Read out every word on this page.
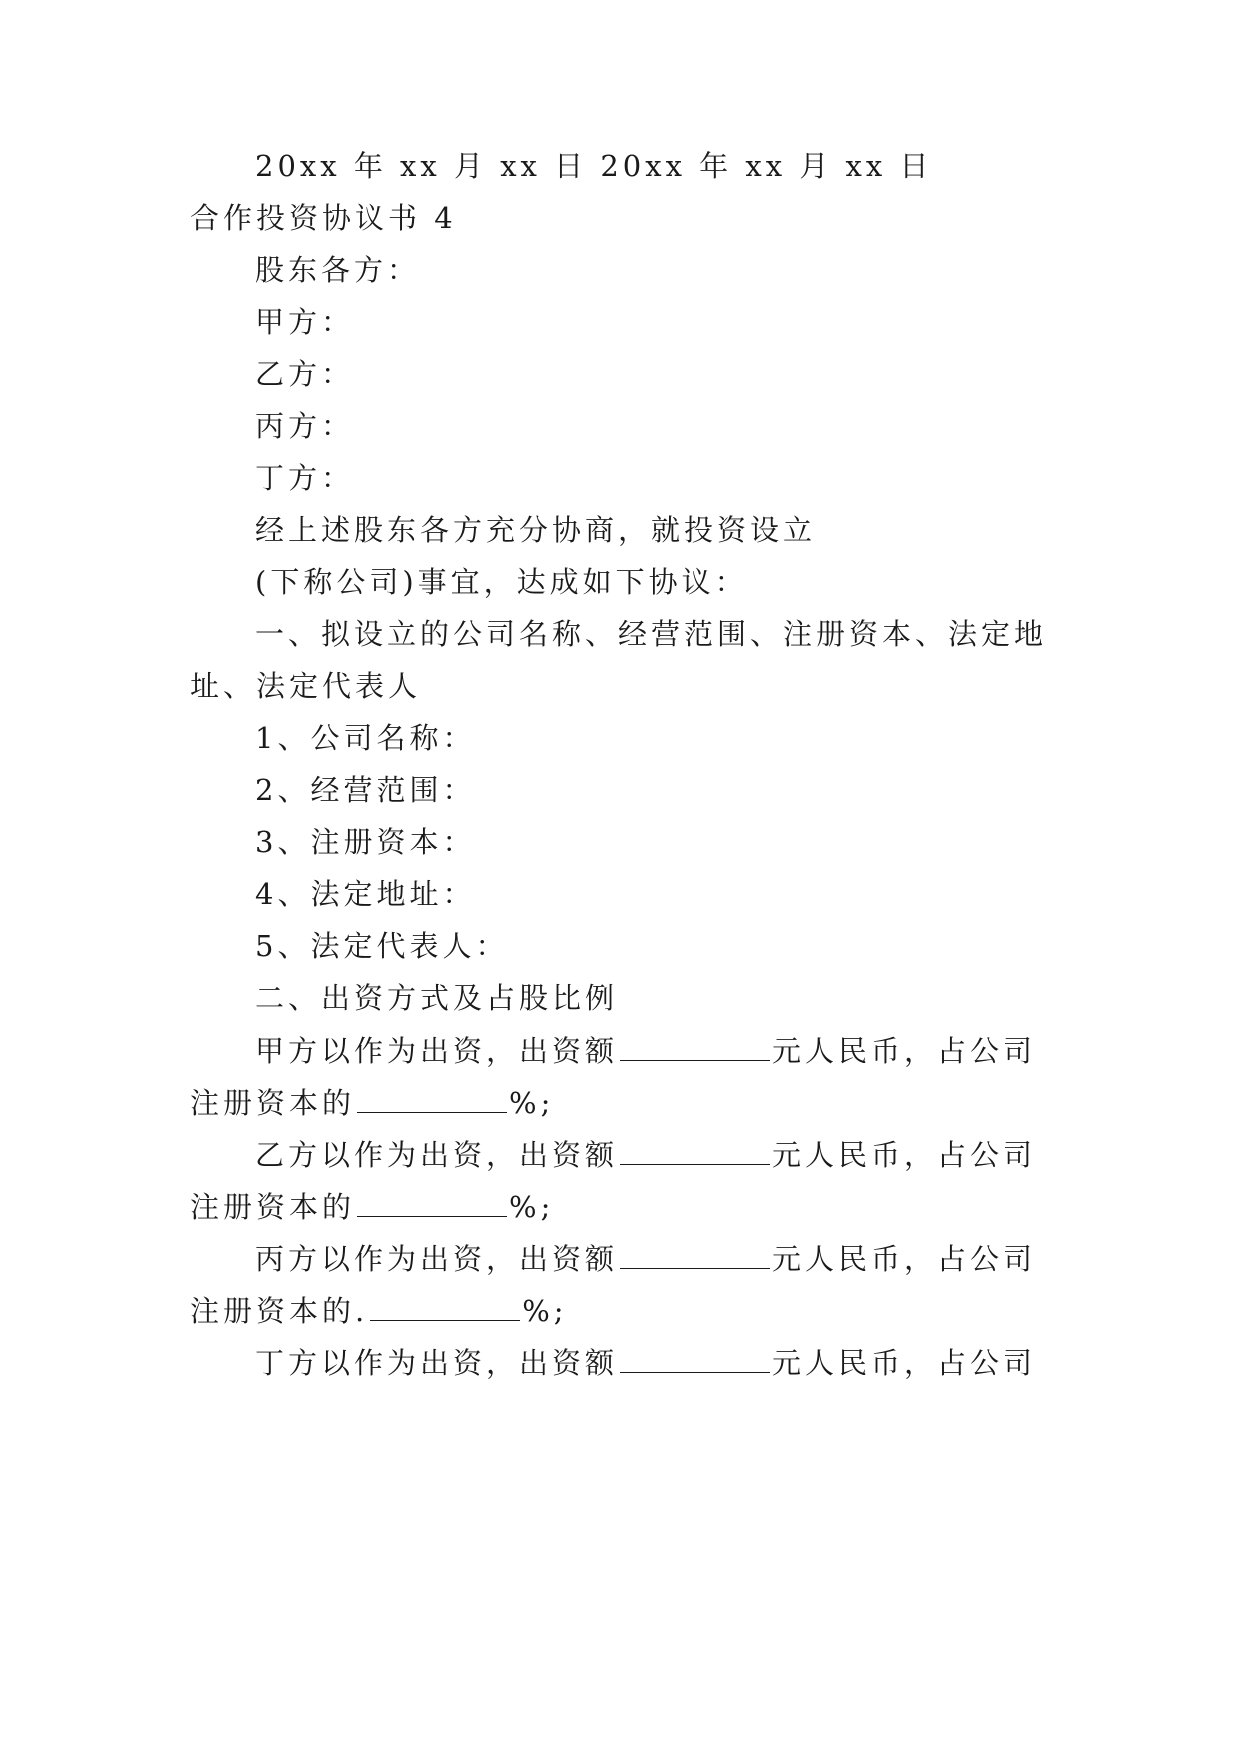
20xx 年 xx 月 xx 日 20xx 年 xx 月 xx 日
合作投资协议书 4
股东各方：
甲方：
乙方：
丙方：
丁方：
经上述股东各方充分协商，就投资设立
(下称公司)事宜，达成如下协议：
一、拟设立的公司名称、经营范围、注册资本、法定地
址、法定代表人
1、公司名称：
2、经营范围：
3、注册资本：
4、法定地址：
5、法定代表人：
二、出资方式及占股比例
甲方以作为出资，出资额	元人民币，占公司
注册资本的	%;
乙方以作为出资，出资额	元人民币，占公司
注册资本的	%;
丙方以作为出资，出资额	元人民币，占公司
注册资本的.	%;
丁方以作为出资，出资额	元人民币，占公司
